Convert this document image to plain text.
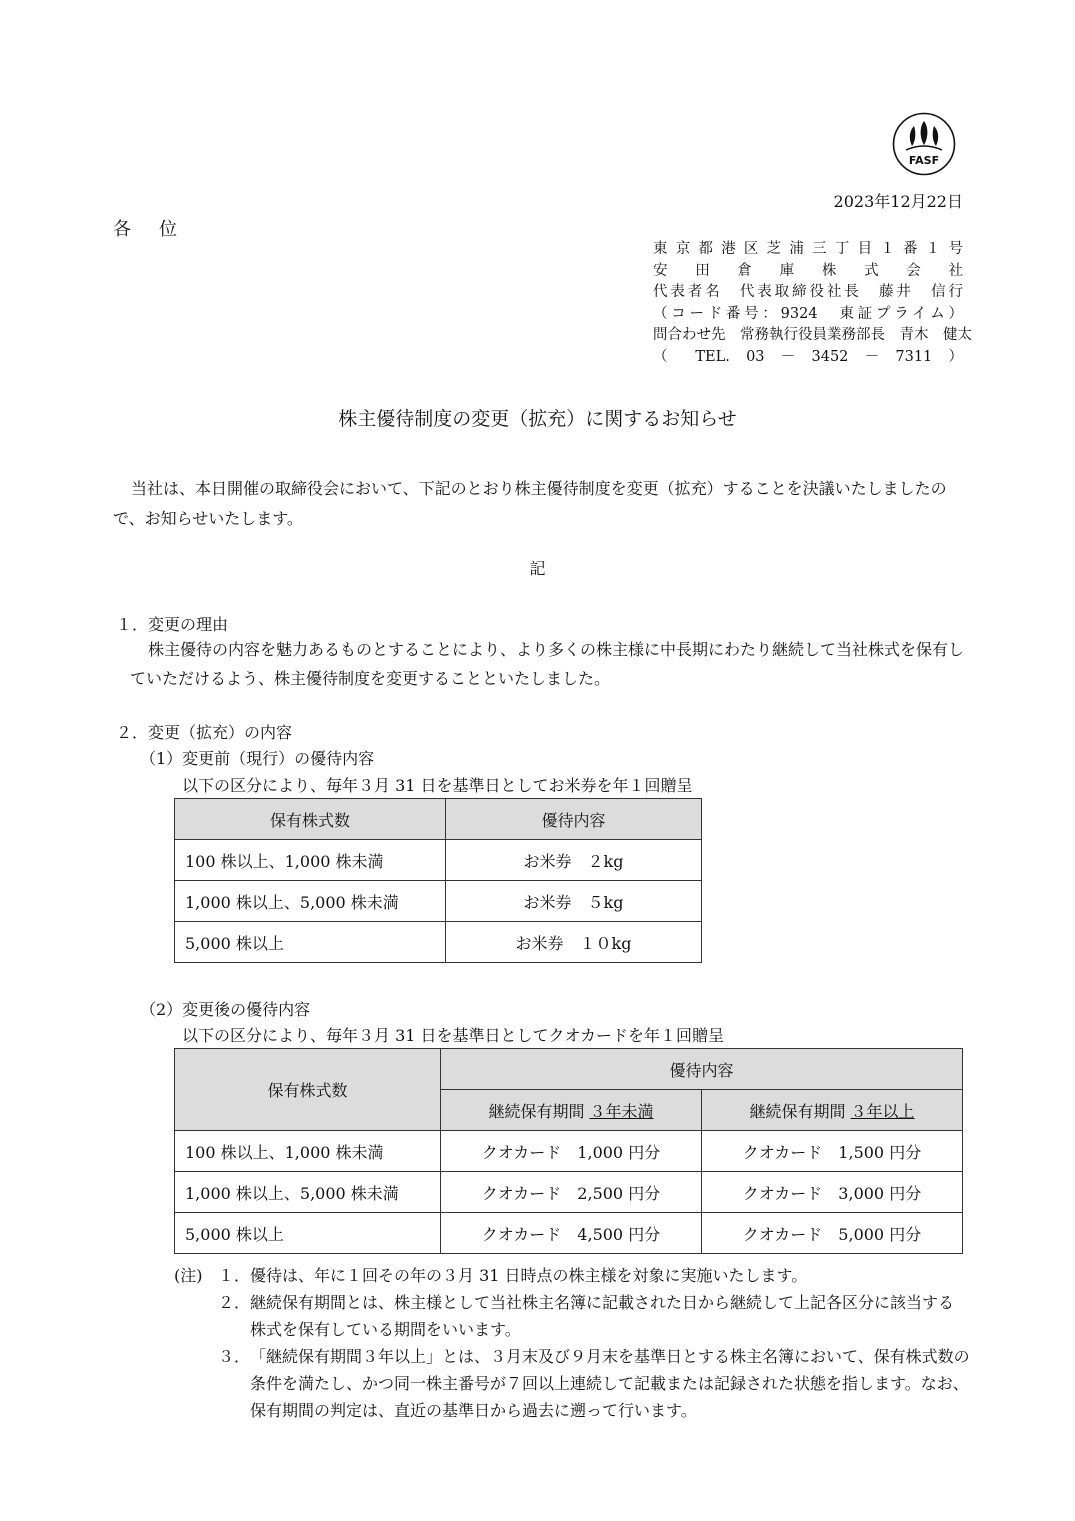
FASF
2023年12月22日
各位
東京都港区芝浦三丁目１番１号
安田倉庫株式会社
代表者名　代表取締役社長　藤井　信行
（コード番号：9324　東証プライム）
問合わせ先　常務執行役員業務部長　青木　健太
（ TEL. 03 － 3452 － 7311 ）
株主優待制度の変更（拡充）に関するお知らせ
当社は、本日開催の取締役会において、下記のとおり株主優待制度を変更（拡充）することを決議いたしましたので、お知らせいたします。
記
１．変更の理由
株主優待の内容を魅力あるものとすることにより、より多くの株主様に中長期にわたり継続して当社株式を保有していただけるよう、株主優待制度を変更することといたしました。
２．変更（拡充）の内容
（1）変更前（現行）の優待内容
以下の区分により、毎年３月 31 日を基準日としてお米券を年１回贈呈
保有株式数	優待内容
100 株以上、1,000 株未満	お米券　２kg
1,000 株以上、5,000 株未満	お米券　５kg
5,000 株以上	お米券　１０kg
（2）変更後の優待内容
以下の区分により、毎年３月 31 日を基準日としてクオカードを年１回贈呈
保有株式数	優待内容	
	継続保有期間 ３年未満	継続保有期間 ３年以上
100 株以上、1,000 株未満	クオカード　1,000 円分	クオカード　1,500 円分
1,000 株以上、5,000 株未満	クオカード　2,500 円分	クオカード　3,000 円分
5,000 株以上	クオカード　4,500 円分	クオカード　5,000 円分
(注) １． 優待は、年に１回その年の３月 31 日時点の株主様を対象に実施いたします。
２． 継続保有期間とは、株主様として当社株主名簿に記載された日から継続して上記各区分に該当する株式を保有している期間をいいます。
３． 「継続保有期間３年以上」とは、３月末及び９月末を基準日とする株主名簿において、保有株式数の条件を満たし、かつ同一株主番号が７回以上連続して記載または記録された状態を指します。なお、保有期間の判定は、直近の基準日から過去に遡って行います。
